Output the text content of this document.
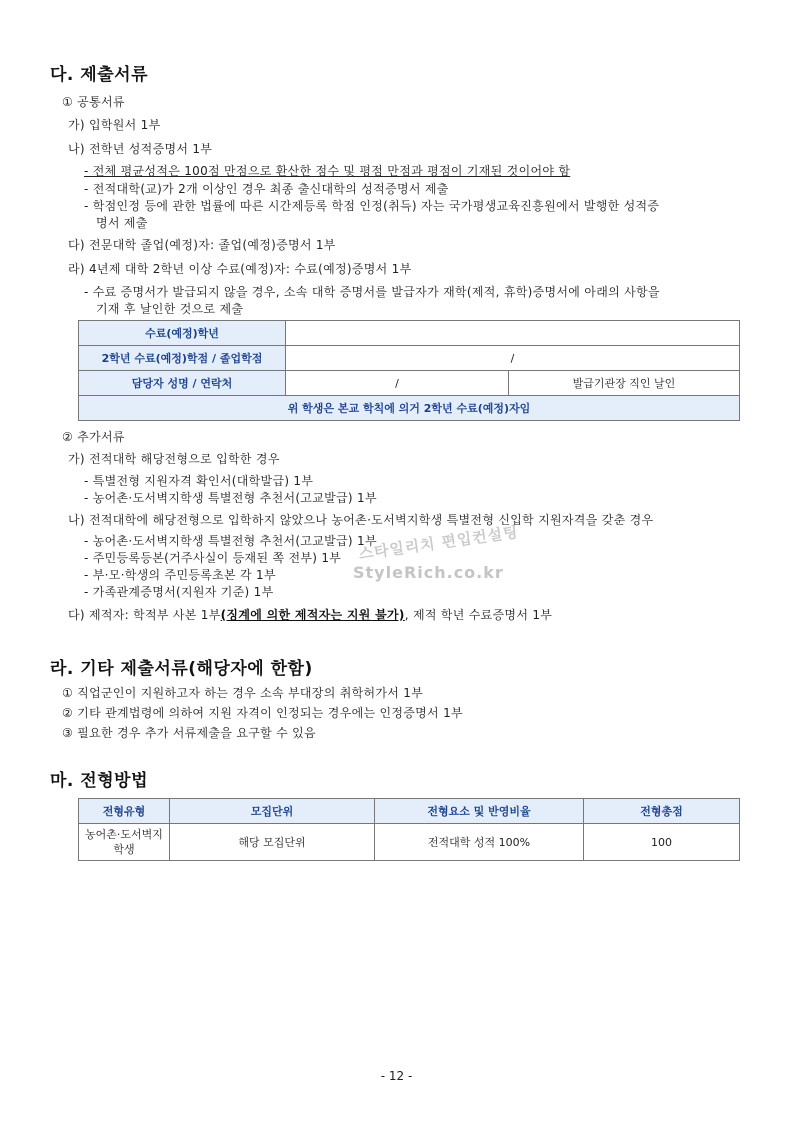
다. 제출서류
① 공통서류
가) 입학원서 1부
나) 전학년 성적증명서 1부
- 전체 평균성적은 100점 만점으로 환산한 점수 및 평점 만점과 평점이 기재된 것이어야 함
- 전적대학(교)가 2개 이상인 경우 최종 출신대학의 성적증명서 제출
- 학점인정 등에 관한 법률에 따른 시간제등록 학점 인정(취득) 자는 국가평생교육진흥원에서 발행한 성적증
명서 제출
다) 전문대학 졸업(예정)자: 졸업(예정)증명서 1부
라) 4년제 대학 2학년 이상 수료(예정)자: 수료(예정)증명서 1부
- 수료 증명서가 발급되지 않을 경우, 소속 대학 증명서를 발급자가 재학(제적, 휴학)증명서에 아래의 사항을
기재 후 날인한 것으로 제출
수료(예정)학년		
2학년 수료(예정)학점 / 졸업학점	/	
담당자 성명 / 연락처	/	발급기관장 직인 날인
위 학생은 본교 학칙에 의거 2학년 수료(예정)자임		
② 추가서류
가) 전적대학 해당전형으로 입학한 경우
- 특별전형 지원자격 확인서(대학발급) 1부
- 농어촌·도서벽지학생 특별전형 추천서(고교발급) 1부
나) 전적대학에 해당전형으로 입학하지 않았으나 농어촌·도서벽지학생 특별전형 신입학 지원자격을 갖춘 경우
- 농어촌·도서벽지학생 특별전형 추천서(고교발급) 1부
- 주민등록등본(거주사실이 등재된 쪽 전부) 1부
- 부·모·학생의 주민등록초본 각 1부
- 가족관계증명서(지원자 기준) 1부
다) 제적자: 학적부 사본 1부(징계에 의한 제적자는 지원 불가), 제적 학년 수료증명서 1부
라. 기타 제출서류(해당자에 한함)
① 직업군인이 지원하고자 하는 경우 소속 부대장의 취학허가서 1부
② 기타 관계법령에 의하여 지원 자격이 인정되는 경우에는 인정증명서 1부
③ 필요한 경우 추가 서류제출을 요구할 수 있음
마. 전형방법
전형유형	모집단위	전형요소 및 반영비율	전형총점
농어촌·도서벽지
학생	해당 모집단위	전적대학 성적 100%	100
스타일리치 편입컨설팅
StyleRich.co.kr
- 12 -
